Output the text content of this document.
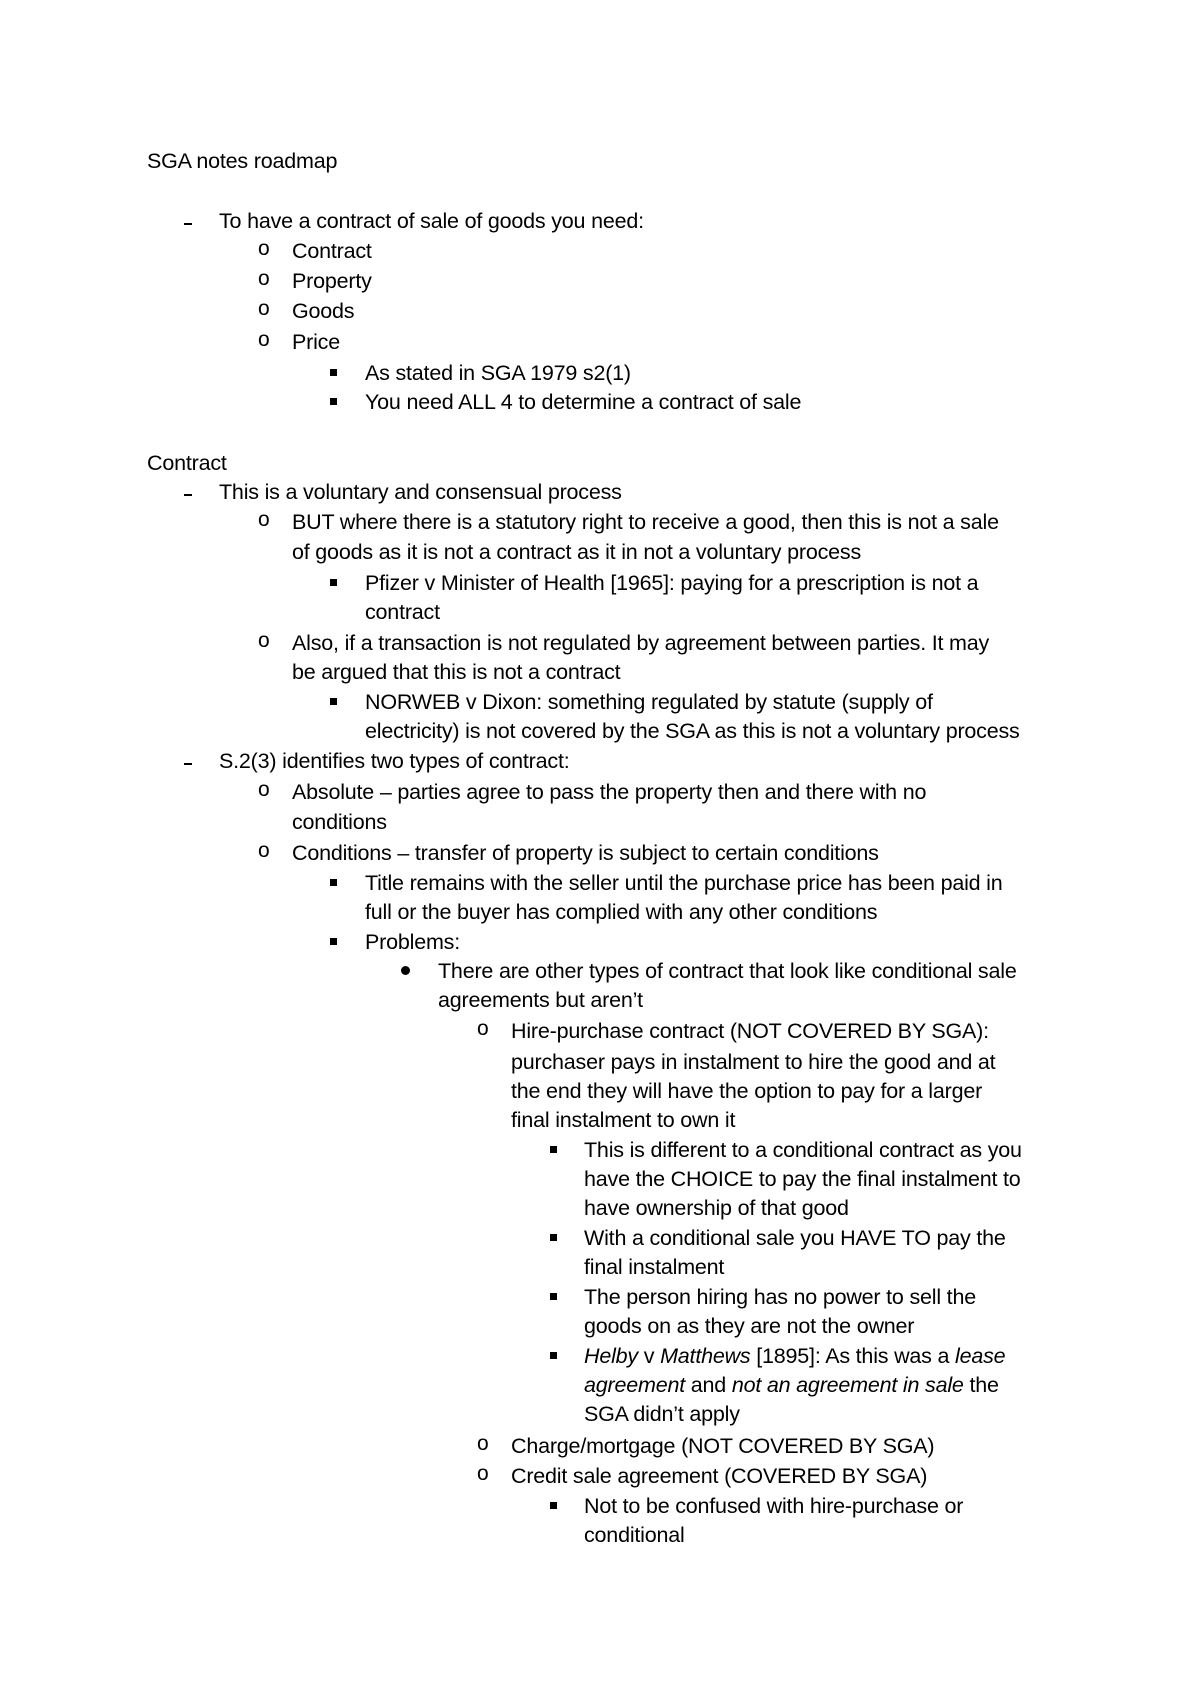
SGA notes roadmap
To have a contract of sale of goods you need:
o Contract
o Property
o Goods
o Price
As stated in SGA 1979 s2(1)
You need ALL 4 to determine a contract of sale
Contract
This is a voluntary and consensual process
o BUT where there is a statutory right to receive a good, then this is not a sale
of goods as it is not a contract as it in not a voluntary process
Pfizer v Minister of Health [1965]: paying for a prescription is not a
contract
o Also, if a transaction is not regulated by agreement between parties. It may
be argued that this is not a contract
NORWEB v Dixon: something regulated by statute (supply of
electricity) is not covered by the SGA as this is not a voluntary process
S.2(3) identifies two types of contract:
o Absolute – parties agree to pass the property then and there with no
conditions
o Conditions – transfer of property is subject to certain conditions
Title remains with the seller until the purchase price has been paid in
full or the buyer has complied with any other conditions
Problems:
There are other types of contract that look like conditional sale
agreements but aren’t
o Hire-purchase contract (NOT COVERED BY SGA):
purchaser pays in instalment to hire the good and at
the end they will have the option to pay for a larger
final instalment to own it
This is different to a conditional contract as you
have the CHOICE to pay the final instalment to
have ownership of that good
With a conditional sale you HAVE TO pay the
final instalment
The person hiring has no power to sell the
goods on as they are not the owner
Helby v Matthews [1895]: As this was a lease
agreement and not an agreement in sale the
SGA didn’t apply
o Charge/mortgage (NOT COVERED BY SGA)
o Credit sale agreement (COVERED BY SGA)
Not to be confused with hire-purchase or
conditional
